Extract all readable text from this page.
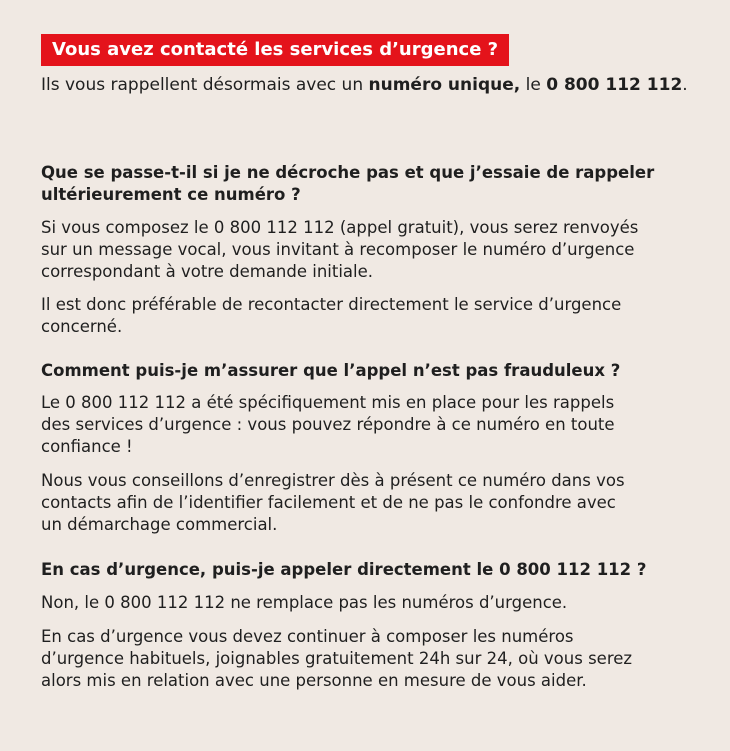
Vous avez contacté les services d’urgence ?

Ils vous rappellent désormais avec un numéro unique, le 0 800 112 112.

Que se passe-t-il si je ne décroche pas et que j’essaie de rappeler
ultérieurement ce numéro ?

Si vous composez le 0 800 112 112 (appel gratuit), vous serez renvoyés
sur un message vocal, vous invitant à recomposer le numéro d’urgence
correspondant à votre demande initiale.

Il est donc préférable de recontacter directement le service d’urgence
concerné.

Comment puis-je m’assurer que l’appel n’est pas frauduleux ?

Le 0 800 112 112 a été spécifiquement mis en place pour les rappels
des services d’urgence : vous pouvez répondre à ce numéro en toute
confiance !

Nous vous conseillons d’enregistrer dès à présent ce numéro dans vos
contacts afin de l’identifier facilement et de ne pas le confondre avec
un démarchage commercial.

En cas d’urgence, puis-je appeler directement le 0 800 112 112 ?

Non, le 0 800 112 112 ne remplace pas les numéros d’urgence.

En cas d’urgence vous devez continuer à composer les numéros
d’urgence habituels, joignables gratuitement 24h sur 24, où vous serez
alors mis en relation avec une personne en mesure de vous aider.
